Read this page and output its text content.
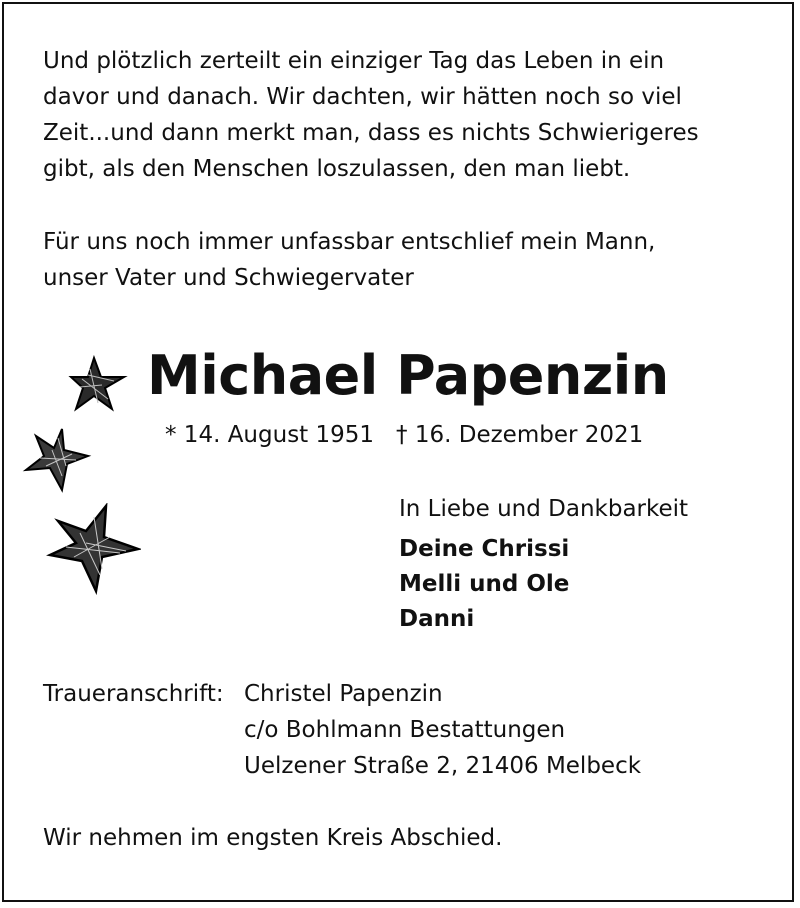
Und plötzlich zerteilt ein einziger Tag das Leben in ein
davor und danach. Wir dachten, wir hätten noch so viel
Zeit...und dann merkt man, dass es nichts Schwierigeres
gibt, als den Menschen loszulassen, den man liebt.

Für uns noch immer unfassbar entschlief mein Mann,
unser Vater und Schwiegervater

Michael Papenzin

* 14. August 1951 † 16. Dezember 2021

In Liebe und Dankbarkeit

Deine Chrissi

Melli und Ole

Danni

Traueranschrift: Christel Papenzin
c/o Bohlmann Bestattungen
Uelzener Straße 2, 21406 Melbeck

Wir nehmen im engsten Kreis Abschied.
